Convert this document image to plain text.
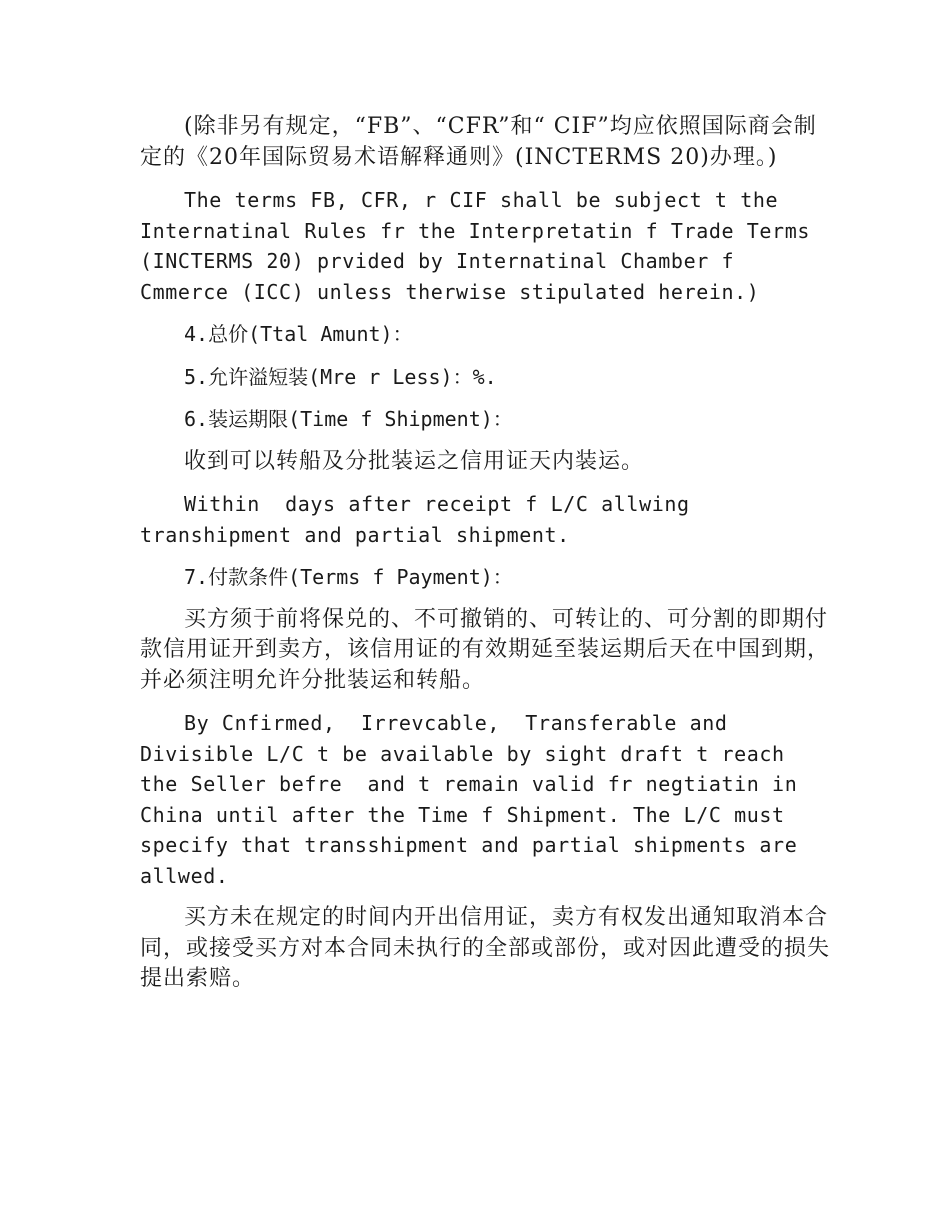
(除非另有规定，“FB”、“CFR”和“ CIF”均应依照国际商会制定的《20年国际贸易术语解释通则》(INCTERMS 20)办理。)

The terms FB, CFR, r CIF shall be subject t the Internatinal Rules fr the Interpretatin f Trade Terms (INCTERMS 20) prvided by Internatinal Chamber f Cmmerce (ICC) unless therwise stipulated herein.)

4.总价(Ttal Amunt)：

5.允许溢短装(Mre r Less)：%.

6.装运期限(Time f Shipment)：

收到可以转船及分批装运之信用证天内装运。

Within  days after receipt f L/C allwing transhipment and partial shipment.

7.付款条件(Terms f Payment)：

买方须于前将保兑的、不可撤销的、可转让的、可分割的即期付款信用证开到卖方，该信用证的有效期延至装运期后天在中国到期，并必须注明允许分批装运和转船。

By Cnfirmed,  Irrevcable,  Transferable and Divisible L/C t be available by sight draft t reach the Seller befre  and t remain valid fr negtiatin in China until after the Time f Shipment. The L/C must specify that transshipment and partial shipments are allwed.

买方未在规定的时间内开出信用证，卖方有权发出通知取消本合同，或接受买方对本合同未执行的全部或部份，或对因此遭受的损失提出索赔。
